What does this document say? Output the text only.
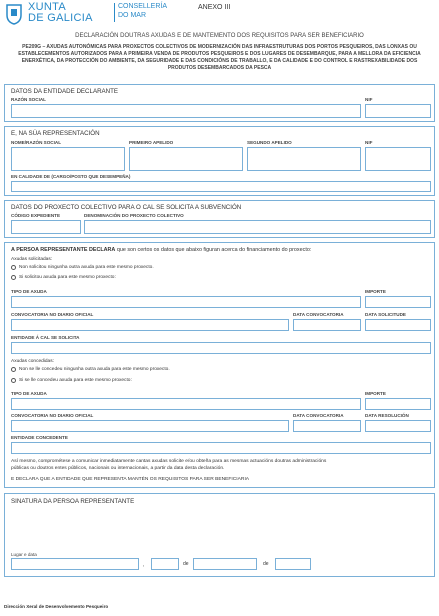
XUNTA
DE GALICIA
CONSELLERÍA
DO MAR
ANEXO III
DECLARACIÓN DOUTRAS AXUDAS E DE MANTEMENTO DOS REQUISITOS PARA SER BENEFICIARIO
PE209G – AXUDAS AUTONÓMICAS PARA PROXECTOS COLECTIVOS DE MODERNIZACIÓN DAS INFRAESTRUTURAS DOS PORTOS PESQUEIROS, DAS LONXAS OU ESTABLECEMENTOS AUTORIZADOS PARA A PRIMEIRA VENDA DE PRODUTOS PESQUEIROS E DOS LUGARES DE DESEMBARQUE, PARA A MELLORA DA EFICIENCIA ENERXÉTICA, DA PROTECCIÓN DO AMBIENTE, DA SEGURIDADE E DAS CONDICIÓNS DE TRABALLO, E DA CALIDADE E DO CONTROL E RASTREXABILIDADE DOS PRODUTOS DESEMBARCADOS DA PESCA
DATOS DA ENTIDADE DECLARANTE
RAZÓN SOCIAL	NIF
E, NA SÚA REPRESENTACIÓN
NOME/RAZÓN SOCIAL	PRIMEIRO APELIDO	SEGUNDO APELIDO	NIF
EN CALIDADE DE (CARGO/POSTO QUE DESEMPEÑA)
DATOS DO PROXECTO COLECTIVO PARA O CAL SE SOLICITA A SUBVENCIÓN
CÓDIGO EXPEDIENTE	DENOMINACIÓN DO PROXECTO COLECTIVO
A PERSOA REPRESENTANTE DECLARA que son certos os datos que abaixo figuran acerca do financiamento do proxecto:
Axudas solicitadas:
Non solicitou ningunha outra axuda para este mesmo proxecto.
Si solicitou axuda para este mesmo proxecto:
TIPO DE AXUDA	IMPORTE
CONVOCATORIA NO DIARIO OFICIAL	DATA CONVOCATORIA	DATA SOLICITUDE
ENTIDADE Á CAL SE SOLICITA
Axudas concedidas:
Non se lle concedeu ningunha outra axuda para este mesmo proxecto.
Si se lle concedeu axuda para este mesmo proxecto:
TIPO DE AXUDA	IMPORTE
CONVOCATORIA NO DIARIO OFICIAL	DATA CONVOCATORIA	DATA RESOLUCIÓN
ENTIDADE CONCEDENTE
Así mesmo, comprométese a comunicar inmediatamente cantas axudas solicite e/ou obteña para as mesmas actuacións doutras administracións
públicas ou doutros entes públicos, nacionais ou internacionais, a partir da data desta declaración.
E DECLARA QUE A ENTIDADE QUE REPRESENTA MANTÉN OS REQUISITOS PARA SER BENEFICIARIA
SINATURA DA PERSOA REPRESENTANTE
Lugar e data
,	de	de
Dirección Xeral de Desenvolvemento Pesqueiro
